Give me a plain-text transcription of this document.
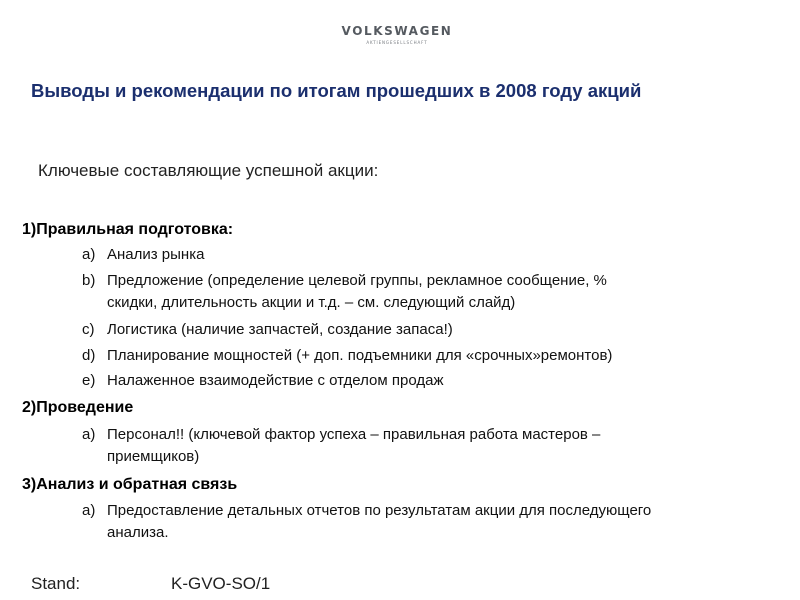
VOLKSWAGEN
AKTIENGESELLSCHAFT
Выводы и рекомендации по итогам прошедших в 2008 году акций
Ключевые составляющие успешной акции:
1)Правильная подготовка:
a) Анализ рынка
b) Предложение (определение целевой группы, рекламное сообщение, %
скидки, длительность акции и т.д. – см. следующий слайд)
c) Логистика (наличие запчастей, создание запаса!)
d) Планирование мощностей (+ доп. подъемники для «срочных»ремонтов)
e) Налаженное взаимодействие с отделом продаж
2)Проведение
a) Персонал!! (ключевой фактор успеха – правильная работа мастеров –
приемщиков)
3)Анализ и обратная связь
a) Предоставление детальных отчетов по результатам акции для последующего
анализа.
Stand:	K-GVO-SO/1
